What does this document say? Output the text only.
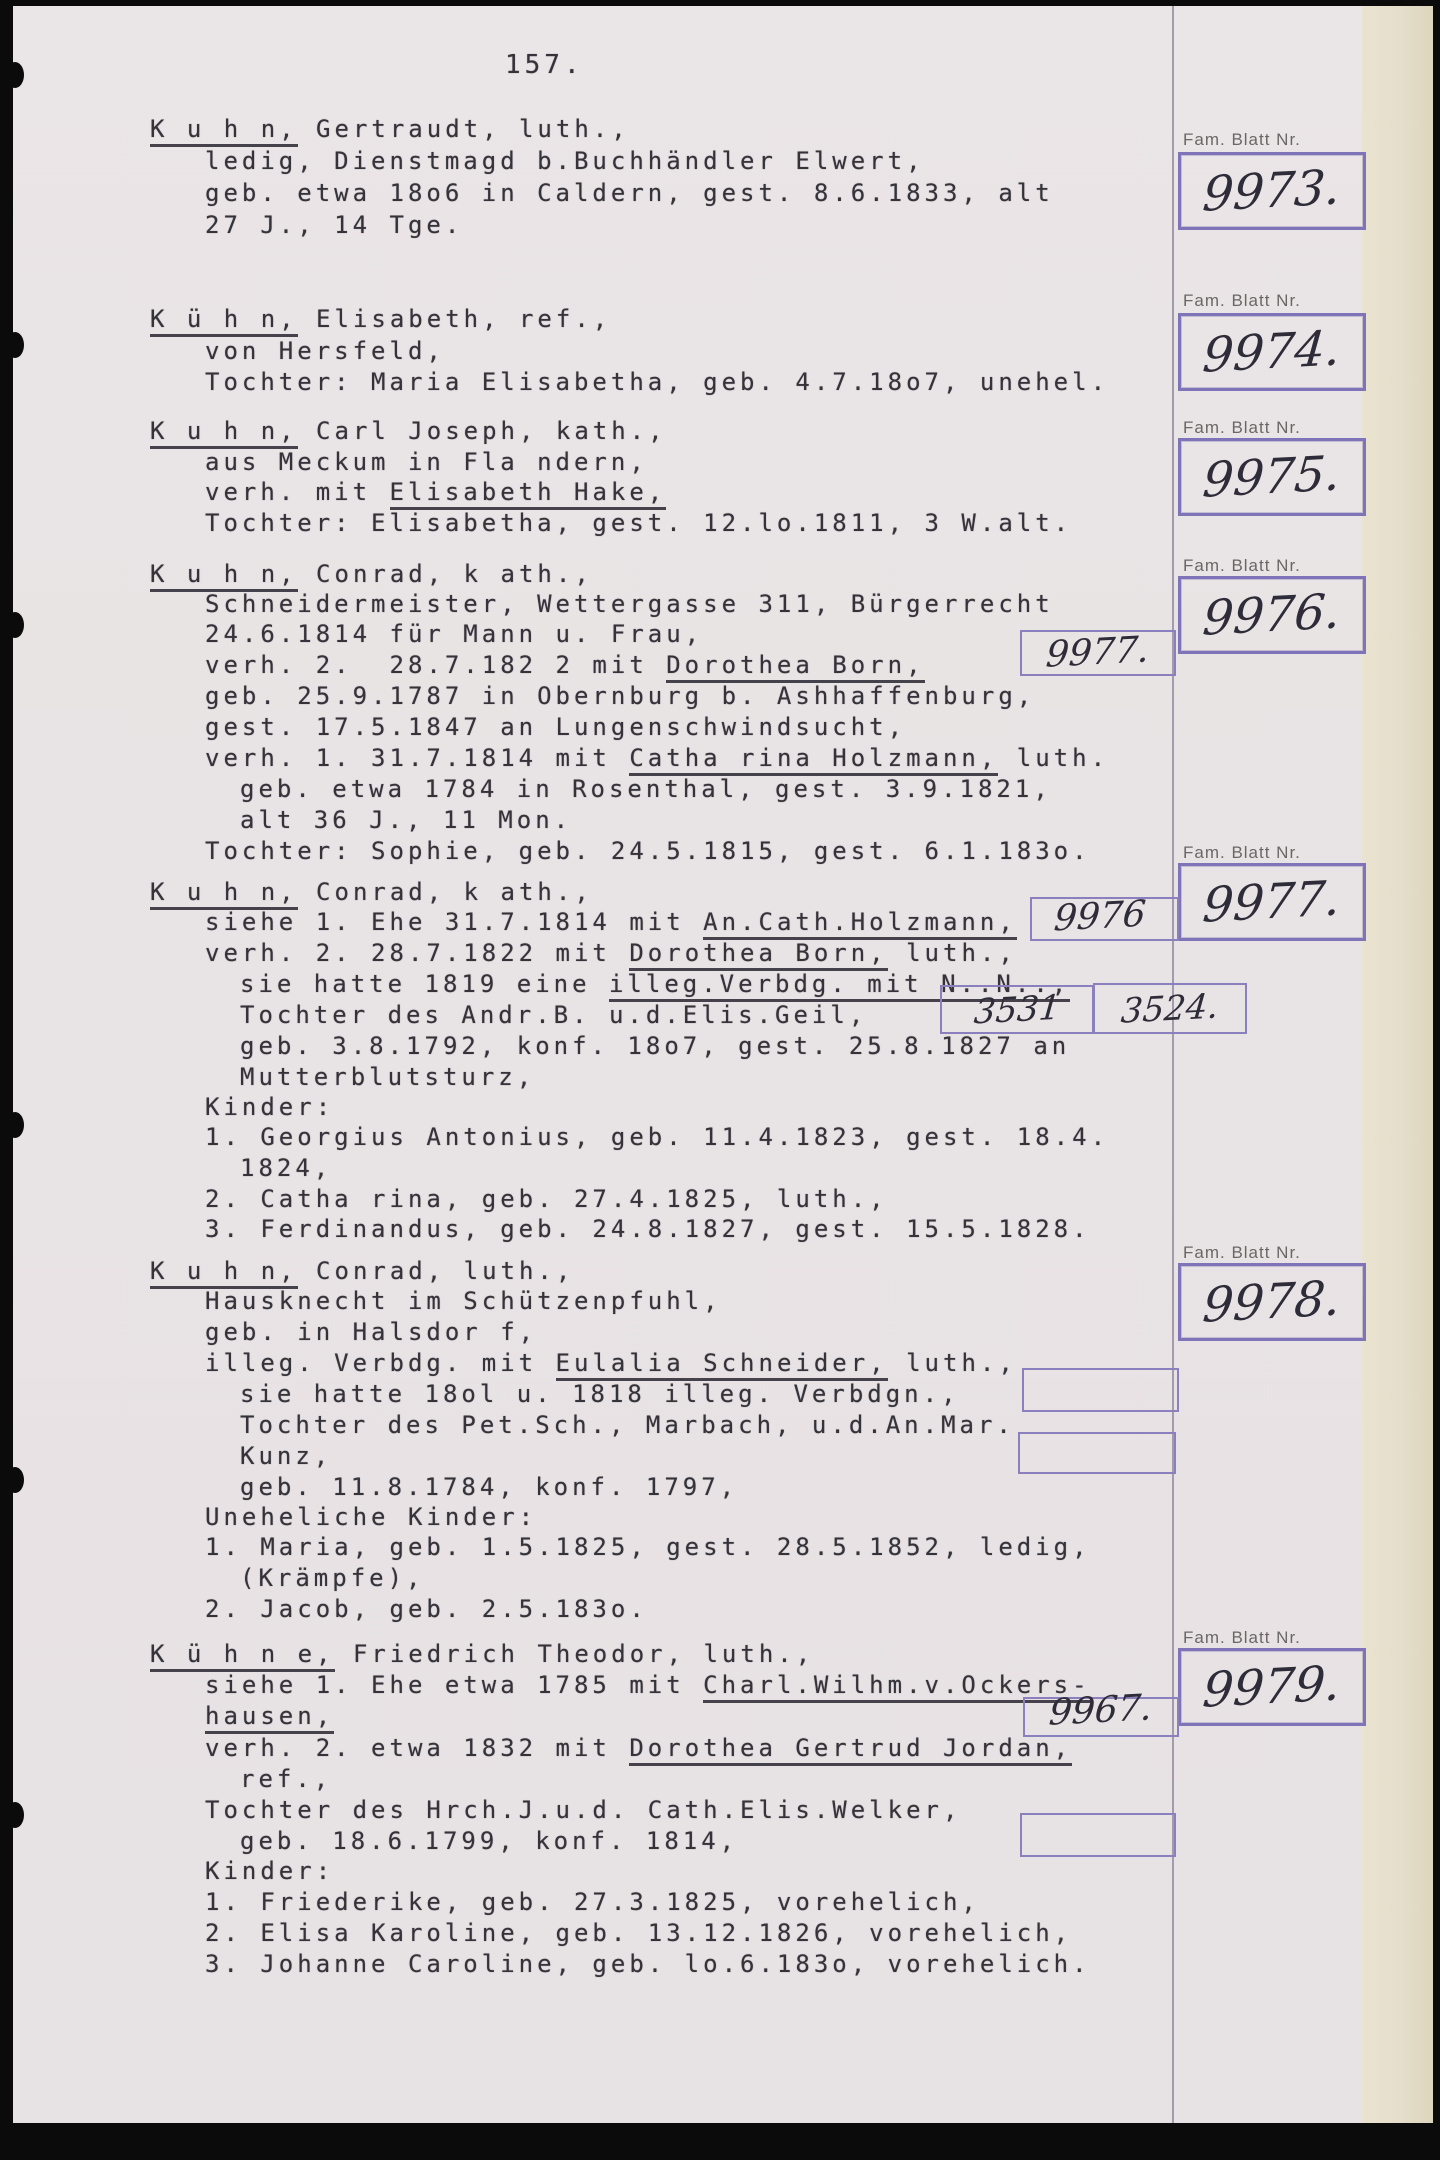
157.
K u h n, Gertraudt, luth.,
ledig, Dienstmagd b.Buchhändler Elwert,
geb. etwa 18o6 in Caldern, gest. 8.6.1833, alt
27 J., 14 Tge.
K ü h n, Elisabeth, ref.,
von Hersfeld,
Tochter: Maria Elisabetha, geb. 4.7.18o7, unehel.
K u h n, Carl Joseph, kath.,
aus Meckum in Fla ndern,
verh. mit Elisabeth Hake,
Tochter: Elisabetha, gest. 12.lo.1811, 3 W.alt.
K u h n, Conrad, k ath.,
Schneidermeister, Wettergasse 311, Bürgerrecht
24.6.1814 für Mann u. Frau,
verh. 2.  28.7.182 2 mit Dorothea Born,
geb. 25.9.1787 in Obernburg b. Ashhaffenburg,
gest. 17.5.1847 an Lungenschwindsucht,
verh. 1. 31.7.1814 mit Catha rina Holzmann, luth.
geb. etwa 1784 in Rosenthal, gest. 3.9.1821,
alt 36 J., 11 Mon.
Tochter: Sophie, geb. 24.5.1815, gest. 6.1.183o.
K u h n, Conrad, k ath.,
siehe 1. Ehe 31.7.1814 mit An.Cath.Holzmann,
verh. 2. 28.7.1822 mit Dorothea Born, luth.,
sie hatte 1819 eine illeg.Verbdg. mit N..N..,
Tochter des Andr.B. u.d.Elis.Geil,
geb. 3.8.1792, konf. 18o7, gest. 25.8.1827 an
Mutterblutsturz,
Kinder:
1. Georgius Antonius, geb. 11.4.1823, gest. 18.4.
1824,
2. Catha rina, geb. 27.4.1825, luth.,
3. Ferdinandus, geb. 24.8.1827, gest. 15.5.1828.
K u h n, Conrad, luth.,
Hausknecht im Schützenpfuhl,
geb. in Halsdor f,
illeg. Verbdg. mit Eulalia Schneider, luth.,
sie hatte 18ol u. 1818 illeg. Verbdgn.,
Tochter des Pet.Sch., Marbach, u.d.An.Mar.
Kunz,
geb. 11.8.1784, konf. 1797,
Uneheliche Kinder:
1. Maria, geb. 1.5.1825, gest. 28.5.1852, ledig,
(Krämpfe),
2. Jacob, geb. 2.5.183o.
K ü h n e, Friedrich Theodor, luth.,
siehe 1. Ehe etwa 1785 mit Charl.Wilhm.v.Ockers-
hausen,
verh. 2. etwa 1832 mit Dorothea Gertrud Jordan,
ref.,
Tochter des Hrch.J.u.d. Cath.Elis.Welker,
geb. 18.6.1799, konf. 1814,
Kinder:
1. Friederike, geb. 27.3.1825, vorehelich,
2. Elisa Karoline, geb. 13.12.1826, vorehelich,
3. Johanne Caroline, geb. lo.6.183o, vorehelich.
Fam. Blatt Nr.
9973.
Fam. Blatt Nr.
9974.
Fam. Blatt Nr.
9975.
Fam. Blatt Nr.
9976.
Fam. Blatt Nr.
9977.
Fam. Blatt Nr.
9978.
Fam. Blatt Nr.
9979.
9977.
9976
3531 3524.
9967.
